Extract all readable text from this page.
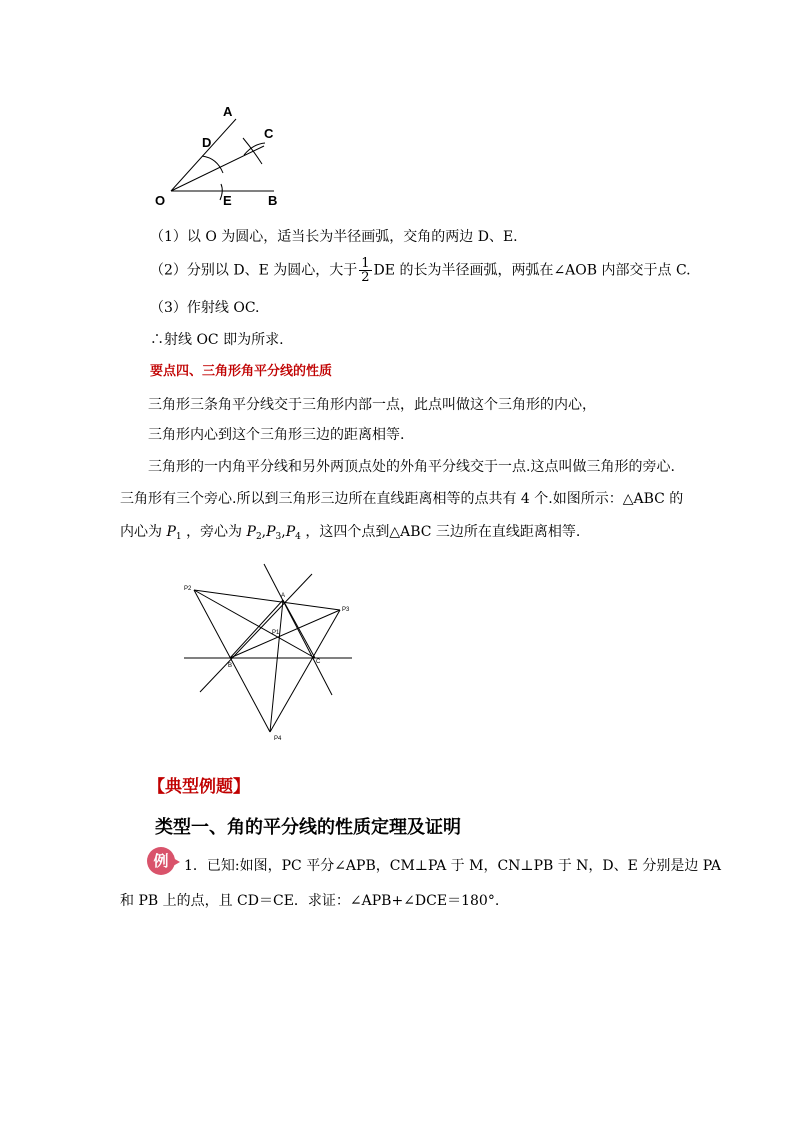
A
D
C
O	E	B
（1）以 O 为圆心，适当长为半径画弧，交角的两边 D、E.
（2）分别以 D、E 为圆心，大于 $\frac{1}{2}$ DE 的长为半径画弧，两弧在∠AOB 内部交于点 C.
（3）作射线 OC.
∴射线 OC 即为所求.
要点四、三角形角平分线的性质
三角形三条角平分线交于三角形内部一点，此点叫做这个三角形的内心，
三角形内心到这个三角形三边的距离相等.
三角形的一内角平分线和另外两顶点处的外角平分线交于一点.这点叫做三角形的旁心.
三角形有三个旁心.所以到三角形三边所在直线距离相等的点共有 4 个.如图所示：△ABC 的
内心为 $P_1$ ，旁心为 $P_2,P_3,P_4$ ，这四个点到△ABC 三边所在直线距离相等.
P2
P3
P1
P4
A
B
C
【典型例题】
类型一、角的平分线的性质定理及证明
例	1．已知:如图，PC 平分∠APB，CM⊥PA 于 M，CN⊥PB 于 N，D、E 分别是边 PA
和 PB 上的点，且 CD＝CE．求证：∠APB+∠DCE＝180°.
